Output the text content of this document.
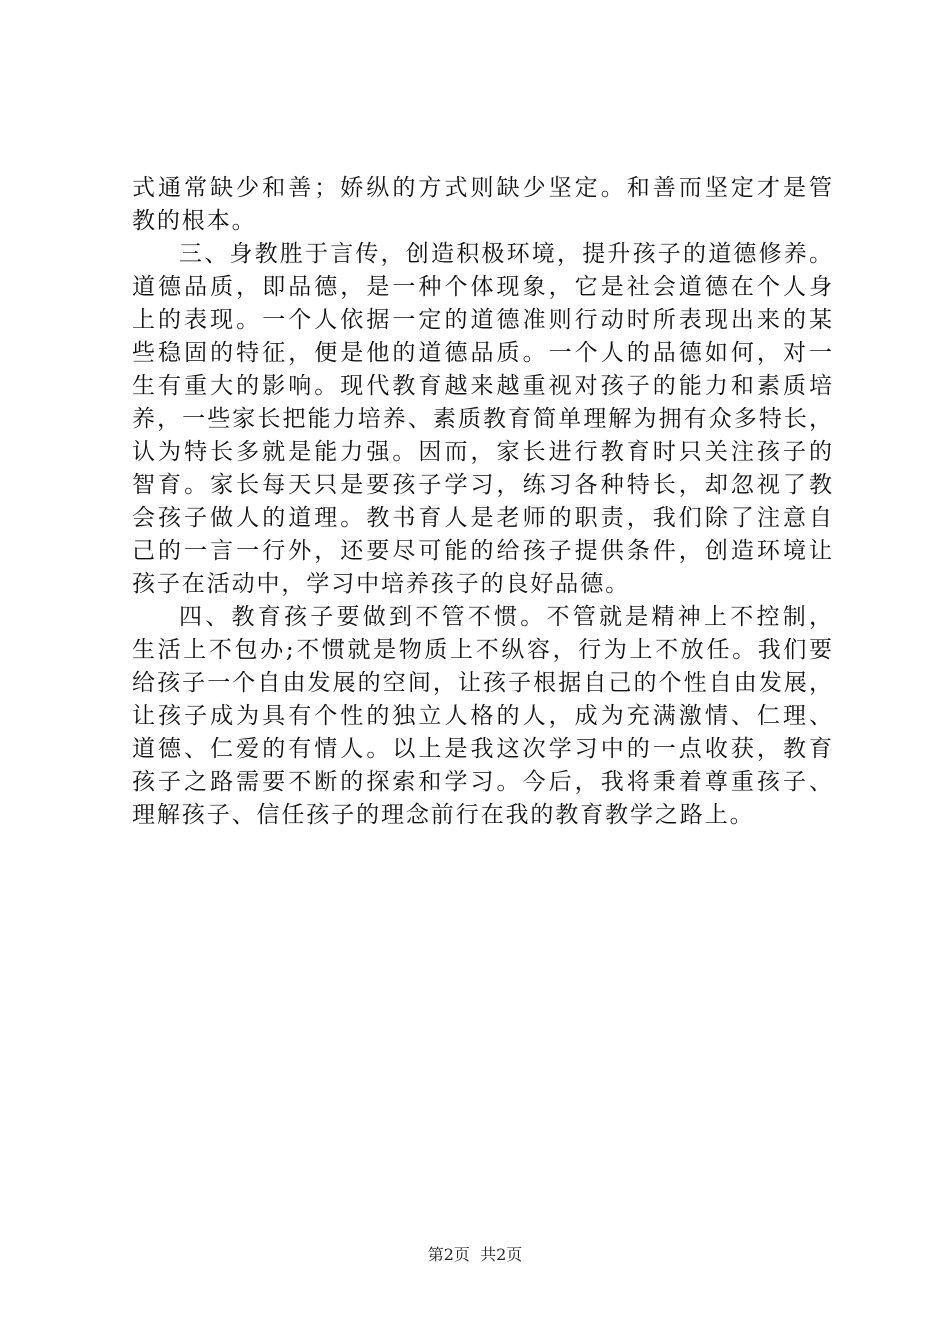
式通常缺少和善；娇纵的方式则缺少坚定。和善而坚定才是管
教的根本。
三、身教胜于言传，创造积极环境，提升孩子的道德修养。
道德品质，即品德，是一种个体现象，它是社会道德在个人身
上的表现。一个人依据一定的道德准则行动时所表现出来的某
些稳固的特征，便是他的道德品质。一个人的品德如何，对一
生有重大的影响。现代教育越来越重视对孩子的能力和素质培
养，一些家长把能力培养、素质教育简单理解为拥有众多特长，
认为特长多就是能力强。因而，家长进行教育时只关注孩子的
智育。家长每天只是要孩子学习，练习各种特长，却忽视了教
会孩子做人的道理。教书育人是老师的职责，我们除了注意自
己的一言一行外，还要尽可能的给孩子提供条件，创造环境让
孩子在活动中，学习中培养孩子的良好品德。
四、教育孩子要做到不管不惯。不管就是精神上不控制，
生活上不包办;不惯就是物质上不纵容，行为上不放任。我们要
给孩子一个自由发展的空间，让孩子根据自己的个性自由发展，
让孩子成为具有个性的独立人格的人，成为充满激情、仁理、
道德、仁爱的有情人。以上是我这次学习中的一点收获，教育
孩子之路需要不断的探索和学习。今后，我将秉着尊重孩子、
理解孩子、信任孩子的理念前行在我的教育教学之路上。
第2页  共2页
